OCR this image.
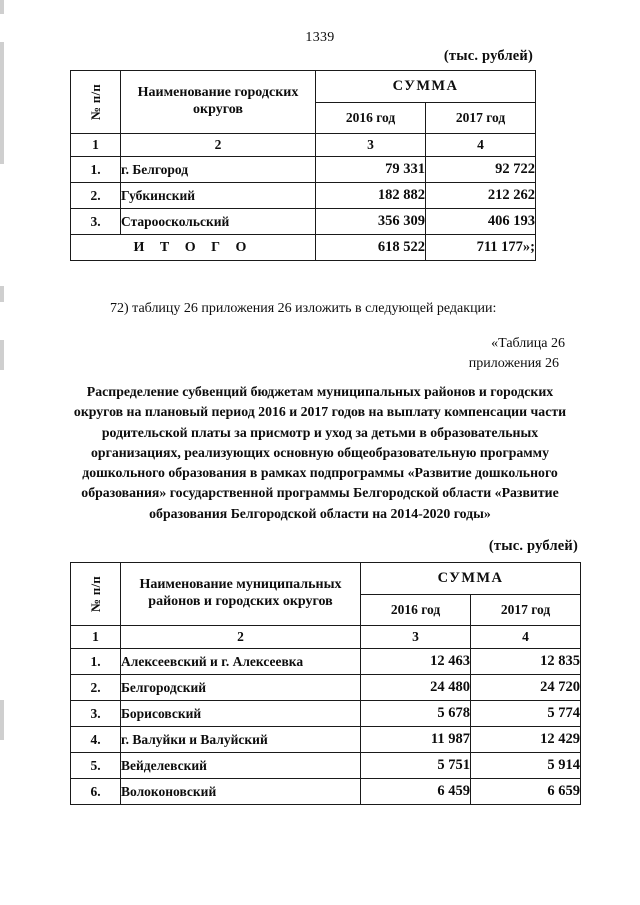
1339
(тыс. рублей)
№ п/п	Наименование городских округов	СУММА	
		2016 год	2017 год
1	2	3	4
1.	г. Белгород	79 331	92 722
2.	Губкинский	182 882	212 262
3.	Старооскольский	356 309	406 193
И Т О Г О		618 522	711 177»;
72) таблицу 26 приложения 26 изложить в следующей редакции:
«Таблица 26
приложения 26
Распределение субвенций бюджетам муниципальных районов и городских округов на плановый период 2016 и 2017 годов на выплату компенсации части родительской платы за присмотр и уход за детьми в образовательных организациях, реализующих основную общеобразовательную программу дошкольного образования в рамках подпрограммы «Развитие дошкольного образования» государственной программы Белгородской области «Развитие образования Белгородской области на 2014-2020 годы»
(тыс. рублей)
№ п/п	Наименование муниципальных районов и городских округов	СУММА	
		2016 год	2017 год
1	2	3	4
1.	Алексеевский и г. Алексеевка	12 463	12 835
2.	Белгородский	24 480	24 720
3.	Борисовский	5 678	5 774
4.	г. Валуйки и Валуйский	11 987	12 429
5.	Вейделевский	5 751	5 914
6.	Волоконовский	6 459	6 659
